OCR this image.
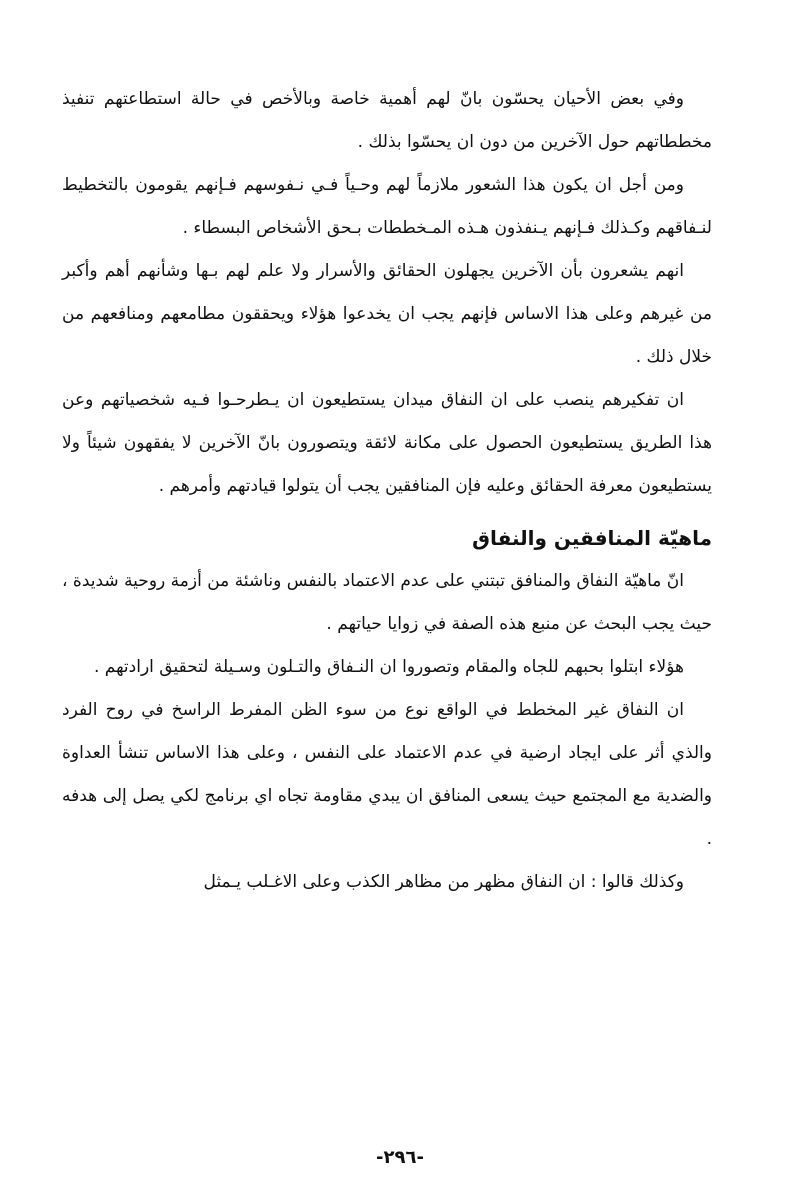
وفي بعض الأحيان يحسّون بانّ لهم أهمية خاصة وبالأخص في حالة استطاعتهم تنفيذ مخططاتهم حول الآخرين من دون ان يحسّوا بذلك .

ومن أجل ان يكون هذا الشعور ملازماً لهم وحـياً فـي نـفوسهم فـإنهم يقومون بالتخطيط لنـفاقهم وكـذلك فـإنهم يـنفذون هـذه المـخططات بـحق الأشخاص البسطاء .

انهم يشعرون بأن الآخرين يجهلون الحقائق والأسرار ولا علم لهم بـها وشأنهم أهم وأكبر من غيرهم وعلى هذا الاساس فإنهم يجب ان يخدعوا هؤلاء ويحققون مطامعهم ومنافعهم من خلال ذلك .

ان تفكيرهم ينصب على ان النفاق ميدان يستطيعون ان يـطرحـوا فـيه شخصياتهم وعن هذا الطريق يستطيعون الحصول على مكانة لائقة ويتصورون بانّ الآخرين لا يفقهون شيئاً ولا يستطيعون معرفة الحقائق وعليه فإن المنافقين يجب أن يتولوا قيادتهم وأمرهم .

ماهيّة المنافقين والنفاق

انّ ماهيّة النفاق والمنافق تبتني على عدم الاعتماد بالنفس وناشئة من أزمة روحية شديدة ، حيث يجب البحث عن منبع هذه الصفة في زوايا حياتهم .

هؤلاء ابتلوا بحبهم للجاه والمقام وتصوروا ان النـفاق والتـلون وسـيلة لتحقيق ارادتهم .

ان النفاق غير المخطط في الواقع نوع من سوء الظن المفرط الراسخ في روح الفرد والذي أثر على ايجاد ارضية في عدم الاعتماد على النفس ، وعلى هذا الاساس تنشأ العداوة والضدية مع المجتمع حيث يسعى المنافق ان يبدي مقاومة تجاه اي برنامج لكي يصل إلى هدفه .

وكذلك قالوا : ان النفاق مظهر من مظاهر الكذب وعلى الاغـلب يـمثل

-٢٩٦-
